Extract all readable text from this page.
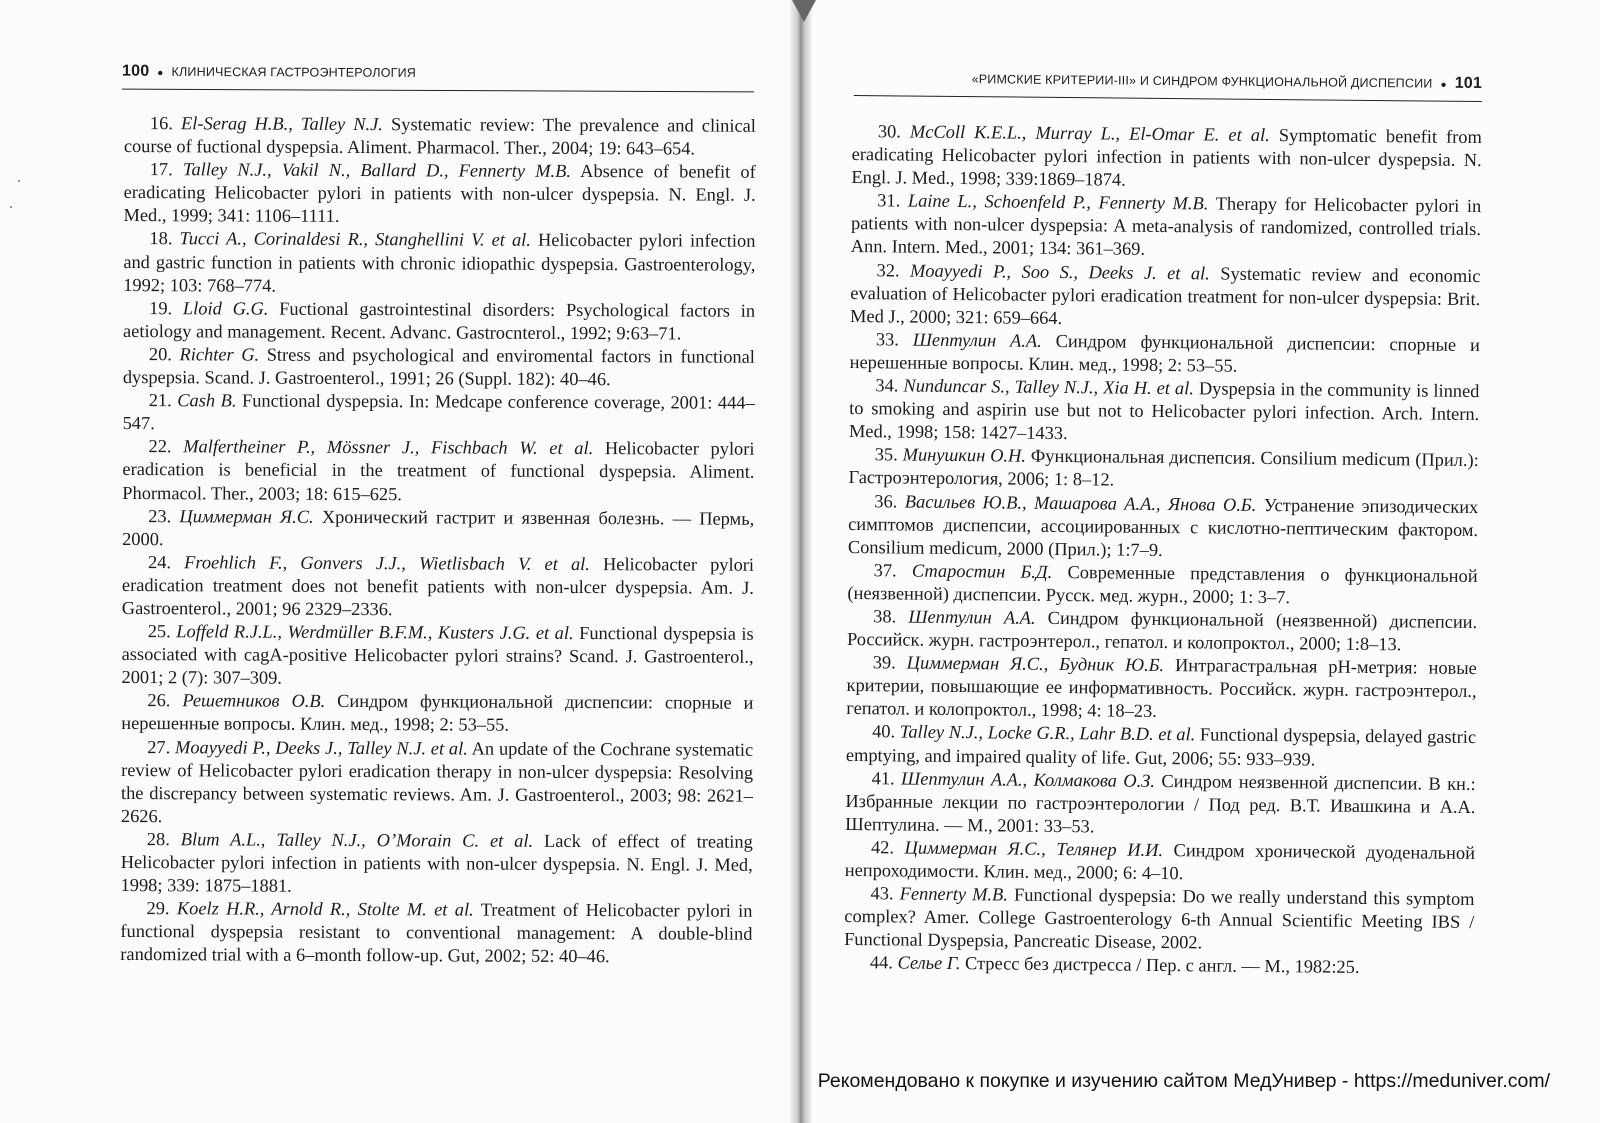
100 ● КЛИНИЧЕСКАЯ ГАСТРОЭНТЕРОЛОГИЯ	«РИМСКИЕ КРИТЕРИИ-III» И СИНДРОМ ФУНКЦИОНАЛЬНОЙ ДИСПЕПСИИ ● 101
16. El-Serag H.B., Talley N.J. Systematic review: The prevalence and clinical course of fuctional dyspepsia. Aliment. Pharmacol. Ther., 2004; 19: 643–654.
17. Talley N.J., Vakil N., Ballard D., Fennerty M.B. Absence of benefit of eradicating Helicobacter pylori in patients with non-ulcer dyspepsia. N. Engl. J. Med., 1999; 341: 1106–1111.
18. Tucci A., Corinaldesi R., Stanghellini V. et al. Helicobacter pylori infection and gastric function in patients with chronic idiopathic dyspepsia. Gastroenterology, 1992; 103: 768–774.
19. Lloid G.G. Fuctional gastrointestinal disorders: Psychological factors in aetiology and management. Recent. Advanc. Gastrocnterol., 1992; 9:63–71.
20. Richter G. Stress and psychological and enviromental factors in functional dyspepsia. Scand. J. Gastroenterol., 1991; 26 (Suppl. 182): 40–46.
21. Cash B. Functional dyspepsia. In: Medcape conference coverage, 2001: 444–547.
22. Malfertheiner P., Mössner J., Fischbach W. et al. Helicobacter pylori eradication is beneficial in the treatment of functional dyspepsia. Aliment. Phormacol. Ther., 2003; 18: 615–625.
23. Циммерман Я.С. Хронический гастрит и язвенная болезнь. — Пермь, 2000.
24. Froehlich F., Gonvers J.J., Wietlisbach V. et al. Helicobacter pylori eradication treatment does not benefit patients with non-ulcer dyspepsia. Am. J. Gastroenterol., 2001; 96 2329–2336.
25. Loffeld R.J.L., Werdmüller B.F.M., Kusters J.G. et al. Functional dyspepsia is associated with cagA-positive Helicobacter pylori strains? Scand. J. Gastroenterol., 2001; 2 (7): 307–309.
26. Решетников О.В. Синдром функциональной диспепсии: спорные и нерешенные вопросы. Клин. мед., 1998; 2: 53–55.
27. Moayyedi P., Deeks J., Talley N.J. et al. An update of the Cochrane systematic review of Helicobacter pylori eradication therapy in non-ulcer dyspepsia: Resolving the discrepancy between systematic reviews. Am. J. Gastroenterol., 2003; 98: 2621–2626.
28. Blum A.L., Talley N.J., O’Morain C. et al. Lack of effect of treating Helicobacter pylori infection in patients with non-ulcer dyspepsia. N. Engl. J. Med, 1998; 339: 1875–1881.
29. Koelz H.R., Arnold R., Stolte M. et al. Treatment of Helicobacter pylori in functional dyspepsia resistant to conventional management: A double-blind randomized trial with a 6–month follow-up. Gut, 2002; 52: 40–46.
30. McColl K.E.L., Murray L., El-Omar E. et al. Symptomatic benefit from eradicating Helicobacter pylori infection in patients with non-ulcer dyspepsia. N. Engl. J. Med., 1998; 339:1869–1874.
31. Laine L., Schoenfeld P., Fennerty M.B. Therapy for Helicobacter pylori in patients with non-ulcer dyspepsia: A meta-analysis of randomized, controlled trials. Ann. Intern. Med., 2001; 134: 361–369.
32. Moayyedi P., Soo S., Deeks J. et al. Systematic review and economic evaluation of Helicobacter pylori eradication treatment for non-ulcer dyspepsia: Brit. Med J., 2000; 321: 659–664.
33. Шептулин А.А. Синдром функциональной диспепсии: спорные и нерешенные вопросы. Клин. мед., 1998; 2: 53–55.
34. Nunduncar S., Talley N.J., Xia H. et al. Dyspepsia in the community is linned to smoking and aspirin use but not to Helicobacter pylori infection. Arch. Intern. Med., 1998; 158: 1427–1433.
35. Минушкин О.Н. Функциональная диспепсия. Consilium medicum (Прил.): Гастроэнтерология, 2006; 1: 8–12.
36. Васильев Ю.В., Машарова А.А., Янова О.Б. Устранение эпизодических симптомов диспепсии, ассоциированных с кислотно-пептическим фактором. Consilium medicum, 2000 (Прил.); 1:7–9.
37. Старостин Б.Д. Современные представления о функциональной (неязвенной) диспепсии. Русск. мед. журн., 2000; 1: 3–7.
38. Шептулин А.А. Синдром функциональной (неязвенной) диспепсии. Российск. журн. гастроэнтерол., гепатол. и колопроктол., 2000; 1:8–13.
39. Циммерман Я.С., Будник Ю.Б. Интрагастральная pH-метрия: новые критерии, повышающие ее информативность. Российск. журн. гастроэнтерол., гепатол. и колопроктол., 1998; 4: 18–23.
40. Talley N.J., Locke G.R., Lahr B.D. et al. Functional dyspepsia, delayed gastric emptying, and impaired quality of life. Gut, 2006; 55: 933–939.
41. Шептулин А.А., Колмакова О.З. Синдром неязвенной диспепсии. В кн.: Избранные лекции по гастроэнтерологии / Под ред. В.Т. Ивашкина и А.А. Шептулина. — М., 2001: 33–53.
42. Циммерман Я.С., Телянер И.И. Синдром хронической дуоденальной непроходимости. Клин. мед., 2000; 6: 4–10.
43. Fennerty M.B. Functional dyspepsia: Do we really understand this symptom complex? Amer. College Gastroenterology 6-th Annual Scientific Meeting IBS / Functional Dyspepsia, Pancreatic Disease, 2002.
44. Селье Г. Стресс без дистресса / Пер. с англ. — М., 1982:25.
Рекомендовано к покупке и изучению сайтом МедУнивер - https://meduniver.com/
